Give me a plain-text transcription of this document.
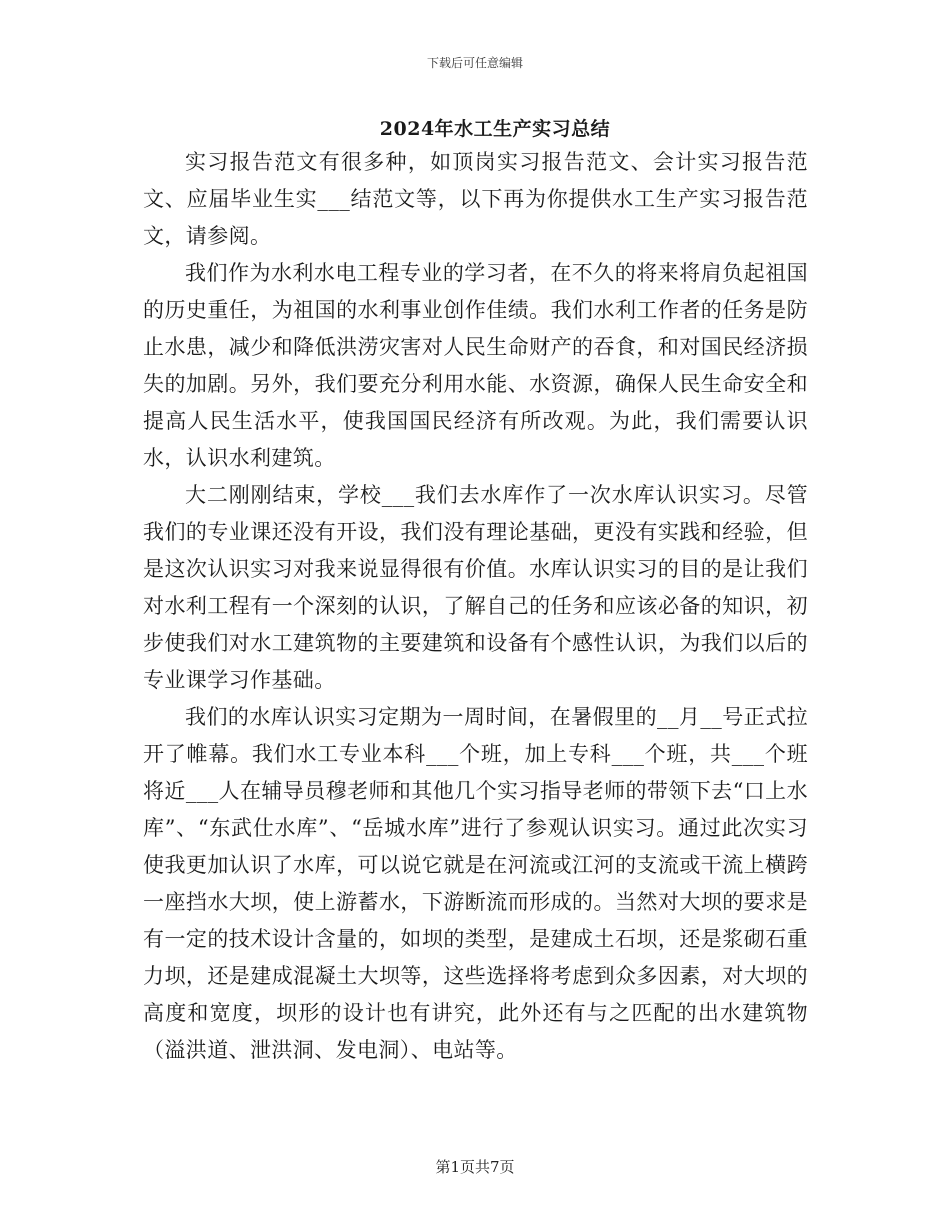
下载后可任意编辑
2024年水工生产实习总结

实习报告范文有很多种，如顶岗实习报告范文、会计实习报告范文、应届毕业生实___结范文等，以下再为你提供水工生产实习报告范文，请参阅。

我们作为水利水电工程专业的学习者，在不久的将来将肩负起祖国的历史重任，为祖国的水利事业创作佳绩。我们水利工作者的任务是防止水患，减少和降低洪涝灾害对人民生命财产的吞食，和对国民经济损失的加剧。另外，我们要充分利用水能、水资源，确保人民生命安全和提高人民生活水平，使我国国民经济有所改观。为此，我们需要认识水，认识水利建筑。

大二刚刚结束，学校___我们去水库作了一次水库认识实习。尽管我们的专业课还没有开设，我们没有理论基础，更没有实践和经验，但是这次认识实习对我来说显得很有价值。水库认识实习的目的是让我们对水利工程有一个深刻的认识，了解自己的任务和应该必备的知识，初步使我们对水工建筑物的主要建筑和设备有个感性认识，为我们以后的专业课学习作基础。

我们的水库认识实习定期为一周时间，在暑假里的__月__号正式拉开了帷幕。我们水工专业本科___个班，加上专科___个班，共___个班将近___人在辅导员穆老师和其他几个实习指导老师的带领下去“口上水库”、“东武仕水库”、“岳城水库”进行了参观认识实习。通过此次实习使我更加认识了水库，可以说它就是在河流或江河的支流或干流上横跨一座挡水大坝，使上游蓄水，下游断流而形成的。当然对大坝的要求是有一定的技术设计含量的，如坝的类型，是建成土石坝，还是浆砌石重力坝，还是建成混凝土大坝等，这些选择将考虑到众多因素，对大坝的高度和宽度，坝形的设计也有讲究，此外还有与之匹配的出水建筑物（溢洪道、泄洪洞、发电洞）、电站等。

第1页共7页
